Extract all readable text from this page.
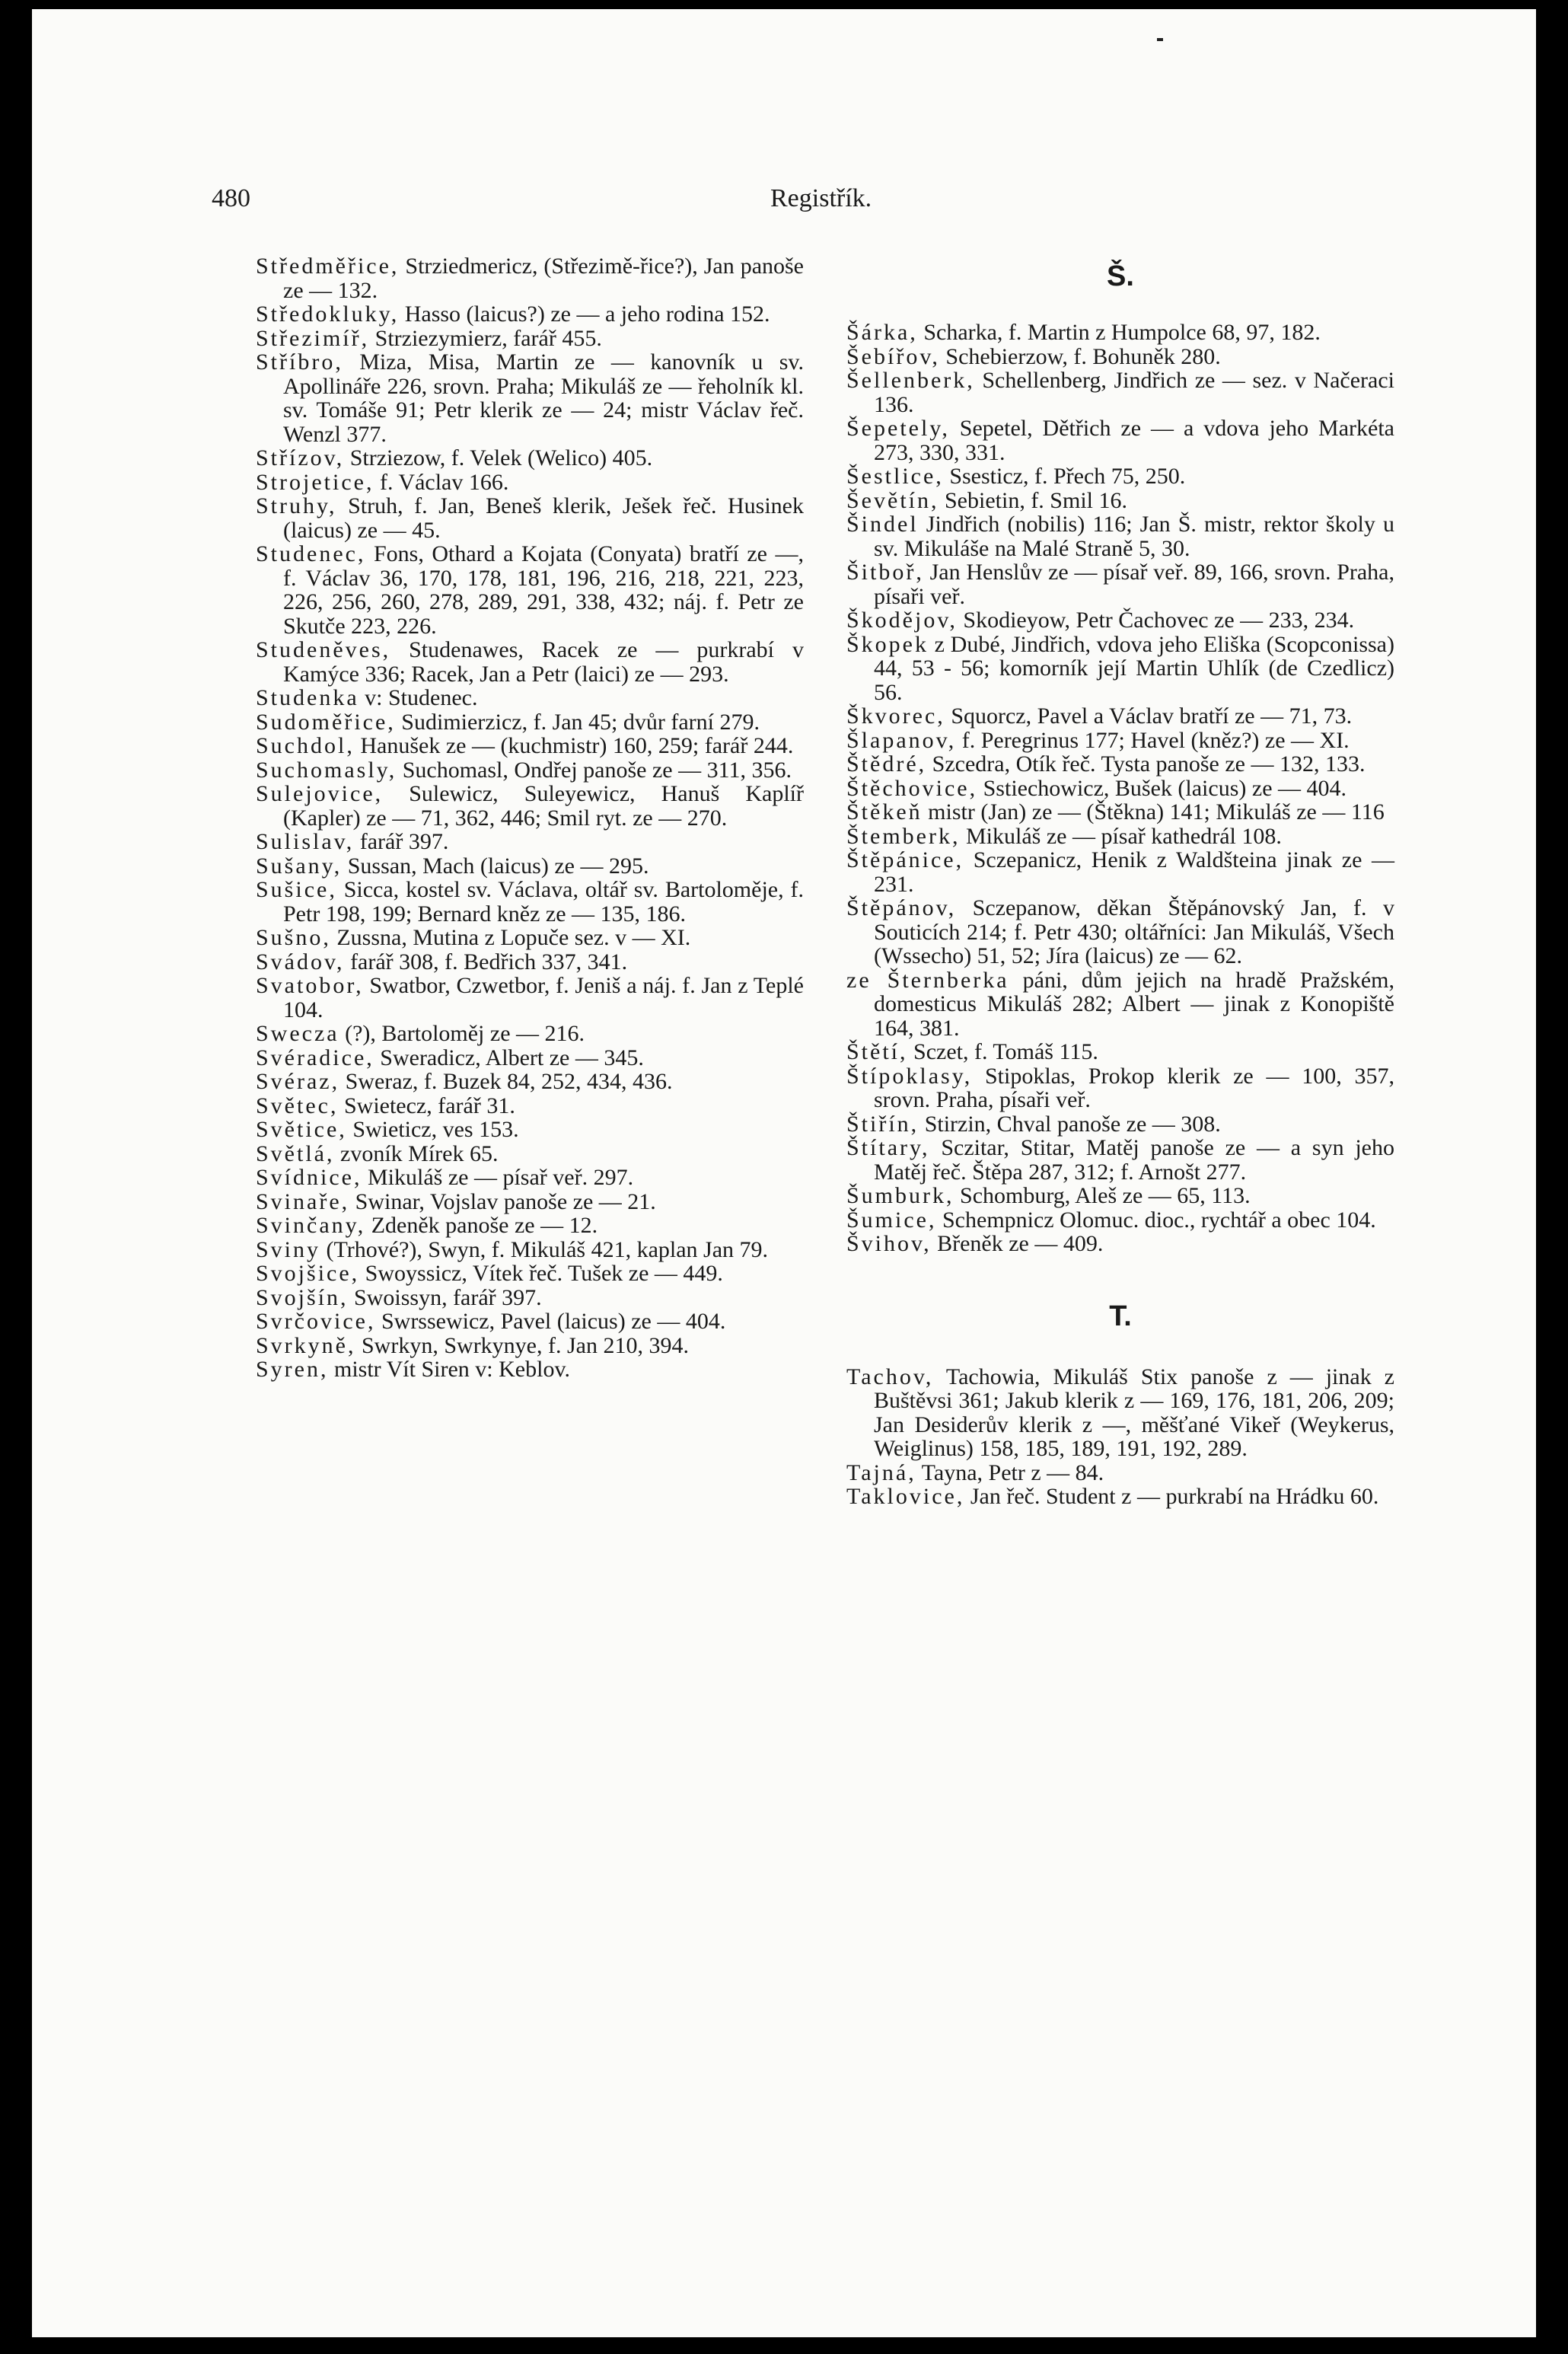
480	Registřík.

Středměřice, Strziedmericz, (Střezimě-řice?), Jan panoše ze — 132.

Středokluky, Hasso (laicus?) ze — a jeho rodina 152.

Střezimíř, Strziezymierz, farář 455.

Stříbro, Miza, Misa, Martin ze — kanovník u sv. Apollináře 226, srovn. Praha; Mikuláš ze — řeholník kl. sv. Tomáše 91; Petr klerik ze — 24; mistr Václav řeč. Wenzl 377.

Střízov, Strziezow, f. Velek (Welico) 405.

Strojetice, f. Václav 166.

Struhy, Struh, f. Jan, Beneš klerik, Ješek řeč. Husinek (laicus) ze — 45.

Studenec, Fons, Othard a Kojata (Conyata) bratří ze —, f. Václav 36, 170, 178, 181, 196, 216, 218, 221, 223, 226, 256, 260, 278, 289, 291, 338, 432; náj. f. Petr ze Skutče 223, 226.

Studeněves, Studenawes, Racek ze — purkrabí v Kamýce 336; Racek, Jan a Petr (laici) ze — 293.

Studenka v: Studenec.

Sudoměřice, Sudimierzicz, f. Jan 45; dvůr farní 279.

Suchdol, Hanušek ze — (kuchmistr) 160, 259; farář 244.

Suchomasly, Suchomasl, Ondřej panoše ze — 311, 356.

Sulejovice, Sulewicz, Suleyewicz, Hanuš Kaplíř (Kapler) ze — 71, 362, 446; Smil ryt. ze — 270.

Sulislav, farář 397.

Sušany, Sussan, Mach (laicus) ze — 295.

Sušice, Sicca, kostel sv. Václava, oltář sv. Bartoloměje, f. Petr 198, 199; Bernard kněz ze — 135, 186.

Sušno, Zussna, Mutina z Lopuče sez. v — XI.

Svádov, farář 308, f. Bedřich 337, 341.

Svatobor, Swatbor, Czwetbor, f. Jeniš a náj. f. Jan z Teplé 104.

Swecza (?), Bartoloměj ze — 216.

Svéradice, Sweradicz, Albert ze — 345.

Svéraz, Sweraz, f. Buzek 84, 252, 434, 436.

Světec, Swietecz, farář 31.

Světice, Swieticz, ves 153.

Světlá, zvoník Mírek 65.

Svídnice, Mikuláš ze — písař veř. 297.

Svinaře, Swinar, Vojslav panoše ze — 21.

Svinčany, Zdeněk panoše ze — 12.

Sviny (Trhové?), Swyn, f. Mikuláš 421, kaplan Jan 79.

Svojšice, Swoyssicz, Vítek řeč. Tušek ze — 449.

Svojšín, Swoissyn, farář 397.

Svrčovice, Swrssewicz, Pavel (laicus) ze — 404.

Svrkyně, Swrkyn, Swrkynye, f. Jan 210, 394.

Syren, mistr Vít Siren v: Keblov.

Š.

Šárka, Scharka, f. Martin z Humpolce 68, 97, 182.

Šebířov, Schebierzow, f. Bohuněk 280.

Šellenberk, Schellenberg, Jindřich ze — sez. v Načeraci 136.

Šepetely, Sepetel, Dětřich ze — a vdova jeho Markéta 273, 330, 331.

Šestlice, Ssesticz, f. Přech 75, 250.

Ševětín, Sebietin, f. Smil 16.

Šindel Jindřich (nobilis) 116; Jan Š. mistr, rektor školy u sv. Mikuláše na Malé Straně 5, 30.

Šitboř, Jan Henslův ze — písař veř. 89, 166, srovn. Praha, písaři veř.

Škodějov, Skodieyow, Petr Čachovec ze — 233, 234.

Škopek z Dubé, Jindřich, vdova jeho Eliška (Scopconissa) 44, 53 - 56; komorník její Martin Uhlík (de Czedlicz) 56.

Škvorec, Squorcz, Pavel a Václav bratří ze — 71, 73.

Šlapanov, f. Peregrinus 177; Havel (kněz?) ze — XI.

Štědré, Szcedra, Otík řeč. Tysta panoše ze — 132, 133.

Štěchovice, Sstiechowicz, Bušek (laicus) ze — 404.

Štěkeň mistr (Jan) ze — (Štěkna) 141; Mikuláš ze — 116

Štemberk, Mikuláš ze — písař kathedrál 108.

Štěpánice, Sczepanicz, Henik z Waldšteina jinak ze — 231.

Štěpánov, Sczepanow, děkan Štěpánovský Jan, f. v Souticích 214; f. Petr 430; oltářníci: Jan Mikuláš, Všech (Wssecho) 51, 52; Jíra (laicus) ze — 62.

ze Šternberka páni, dům jejich na hradě Pražském, domesticus Mikuláš 282; Albert — jinak z Konopiště 164, 381.

Štětí, Sczet, f. Tomáš 115.

Štípoklasy, Stipoklas, Prokop klerik ze — 100, 357, srovn. Praha, písaři veř.

Štiřín, Stirzin, Chval panoše ze — 308.

Štítary, Sczitar, Stitar, Matěj panoše ze — a syn jeho Matěj řeč. Štěpa 287, 312; f. Arnošt 277.

Šumburk, Schomburg, Aleš ze — 65, 113.

Šumice, Schempnicz Olomuc. dioc., rychtář a obec 104.

Švihov, Břeněk ze — 409.

T.

Tachov, Tachowia, Mikuláš Stix panoše z — jinak z Buštěvsi 361; Jakub klerik z — 169, 176, 181, 206, 209; Jan Desiderův klerik z —, měšťané Vikeř (Weykerus, Weiglinus) 158, 185, 189, 191, 192, 289.

Tajná, Tayna, Petr z — 84.

Taklovice, Jan řeč. Student z — purkrabí na Hrádku 60.
